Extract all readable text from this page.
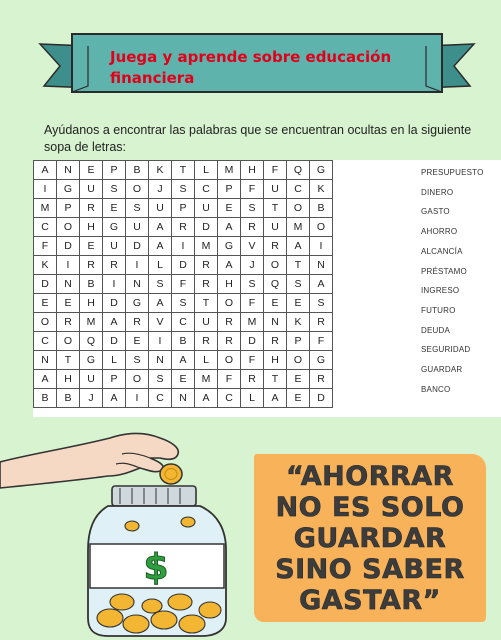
Juega y aprende sobre educación financiera
Ayúdanos a encontrar las palabras que se encuentran ocultas en la siguiente sopa de letras:
A	N	E	P	B	K	T	L	M	H	F	Q	G
I	G	U	S	O	J	S	C	P	F	U	C	K
M	P	R	E	S	U	P	U	E	S	T	O	B
C	O	H	G	U	A	R	D	A	R	U	M	O
F	D	E	U	D	A	I	M	G	V	R	A	I
K	I	R	R	I	L	D	R	A	J	O	T	N
D	N	B	I	N	S	F	R	H	S	Q	S	A
E	E	H	D	G	A	S	T	O	F	E	E	S
O	R	M	A	R	V	C	U	R	M	N	K	R
C	O	Q	D	E	I	B	R	R	D	R	P	F
N	T	G	L	S	N	A	L	O	F	H	O	G
A	H	U	P	O	S	E	M	F	R	T	E	R
B	B	J	A	I	C	N	A	C	L	A	E	D
PRESUPUESTO
DINERO
GASTO
AHORRO
ALCANCÍA
PRÉSTAMO
INGRESO
FUTURO
DEUDA
SEGURIDAD
GUARDAR
BANCO
$
“AHORRAR
NO ES SOLO
GUARDAR
SINO SABER
GASTAR”
